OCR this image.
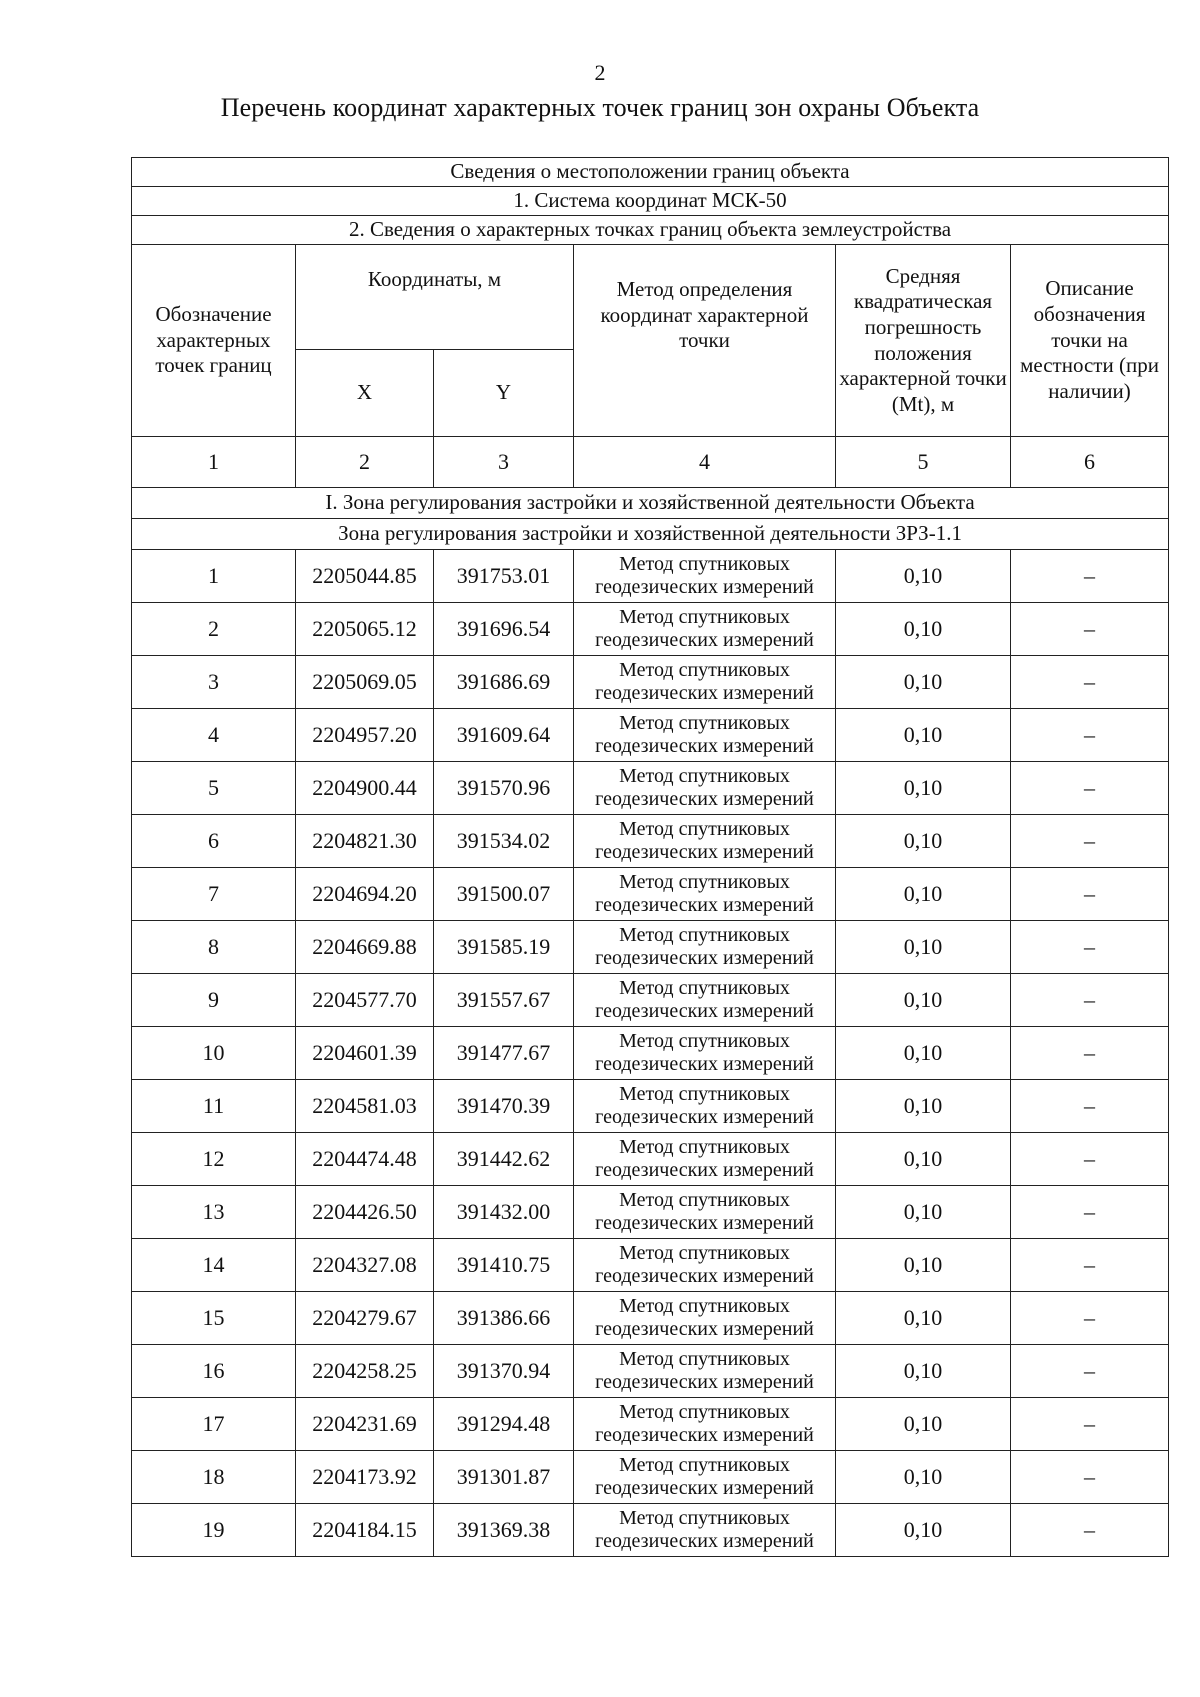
2
Перечень координат характерных точек границ зон охраны Объекта
Сведения о местоположении границ объекта					
1. Система координат МСК-50					
2. Сведения о характерных точках границ объекта землеустройства					
Обозначение характерных точек границ	Координаты, м		Метод определения координат характерной точки	Средняя квадратическая погрешность положения характерной точки (Mt), м	Описание обозначения точки на местности (при наличии)
	X	Y			
1	2	3	4	5	6
I. Зона регулирования застройки и хозяйственной деятельности Объекта					
Зона регулирования застройки и хозяйственной деятельности ЗРЗ-1.1					
1	2205044.85	391753.01	Метод спутниковых геодезических измерений	0,10	–
2	2205065.12	391696.54	Метод спутниковых геодезических измерений	0,10	–
3	2205069.05	391686.69	Метод спутниковых геодезических измерений	0,10	–
4	2204957.20	391609.64	Метод спутниковых геодезических измерений	0,10	–
5	2204900.44	391570.96	Метод спутниковых геодезических измерений	0,10	–
6	2204821.30	391534.02	Метод спутниковых геодезических измерений	0,10	–
7	2204694.20	391500.07	Метод спутниковых геодезических измерений	0,10	–
8	2204669.88	391585.19	Метод спутниковых геодезических измерений	0,10	–
9	2204577.70	391557.67	Метод спутниковых геодезических измерений	0,10	–
10	2204601.39	391477.67	Метод спутниковых геодезических измерений	0,10	–
11	2204581.03	391470.39	Метод спутниковых геодезических измерений	0,10	–
12	2204474.48	391442.62	Метод спутниковых геодезических измерений	0,10	–
13	2204426.50	391432.00	Метод спутниковых геодезических измерений	0,10	–
14	2204327.08	391410.75	Метод спутниковых геодезических измерений	0,10	–
15	2204279.67	391386.66	Метод спутниковых геодезических измерений	0,10	–
16	2204258.25	391370.94	Метод спутниковых геодезических измерений	0,10	–
17	2204231.69	391294.48	Метод спутниковых геодезических измерений	0,10	–
18	2204173.92	391301.87	Метод спутниковых геодезических измерений	0,10	–
19	2204184.15	391369.38	Метод спутниковых геодезических измерений	0,10	–
